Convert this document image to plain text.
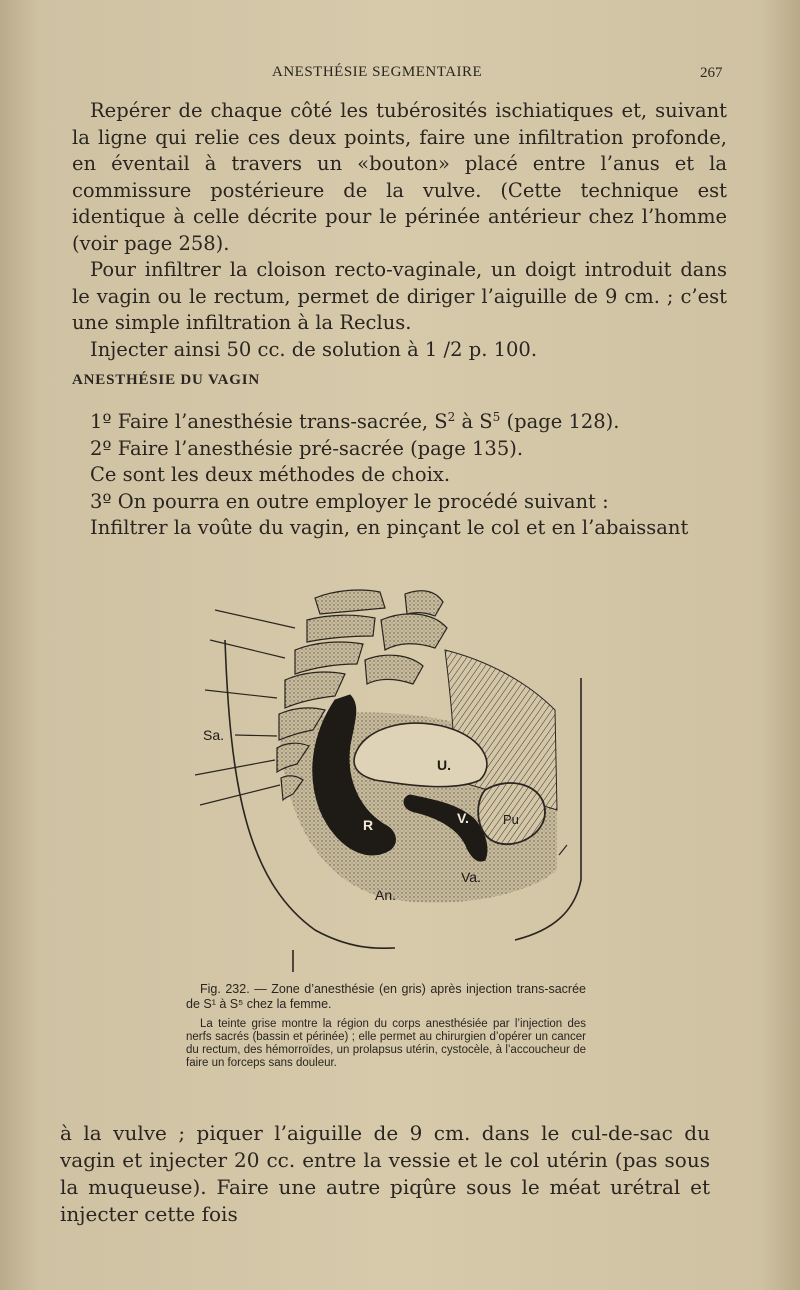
ANESTHÉSIE SEGMENTAIRE	267

Repérer de chaque côté les tubérosités ischiatiques et, suivant la ligne qui relie ces deux points, faire une infiltration profonde, en éventail à travers un «bouton» placé entre l’anus et la commissure postérieure de la vulve. (Cette technique est identique à celle décrite pour le périnée antérieur chez l’homme (voir page 258).

Pour infiltrer la cloison recto-vaginale, un doigt introduit dans le vagin ou le rectum, permet de diriger l’aiguille de 9 cm. ; c’est une simple infiltration à la Reclus.

Injecter ainsi 50 cc. de solution à 1 /2 p. 100.

ANESTHÉSIE DU VAGIN

1º Faire l’anesthésie trans-sacrée, $S^2$ à $S^5$ (page 128).

2º Faire l’anesthésie pré-sacrée (page 135).

Ce sont les deux méthodes de choix.

3º On pourra en outre employer le procédé suivant :

Infiltrer la voûte du vagin, en pinçant le col et en l’abaissant

Sa.
U.
R	V.	Pu
Va.
An.

Fig. 232. — Zone d’anesthésie (en gris) après injection trans-sacrée de S¹ à S⁵ chez la femme.

La teinte grise montre la région du corps anesthésiée par l’injection des nerfs sacrés (bassin et périnée) ; elle permet au chirurgien d’opérer un cancer du rectum, des hémorroïdes, un prolapsus utérin, cystocèle, à l’accoucheur de faire un forceps sans douleur.

à la vulve ; piquer l’aiguille de 9 cm. dans le cul-de-sac du vagin et injecter 20 cc. entre la vessie et le col utérin (pas sous la muqueuse). Faire une autre piqûre sous le méat urétral et injecter cette fois
